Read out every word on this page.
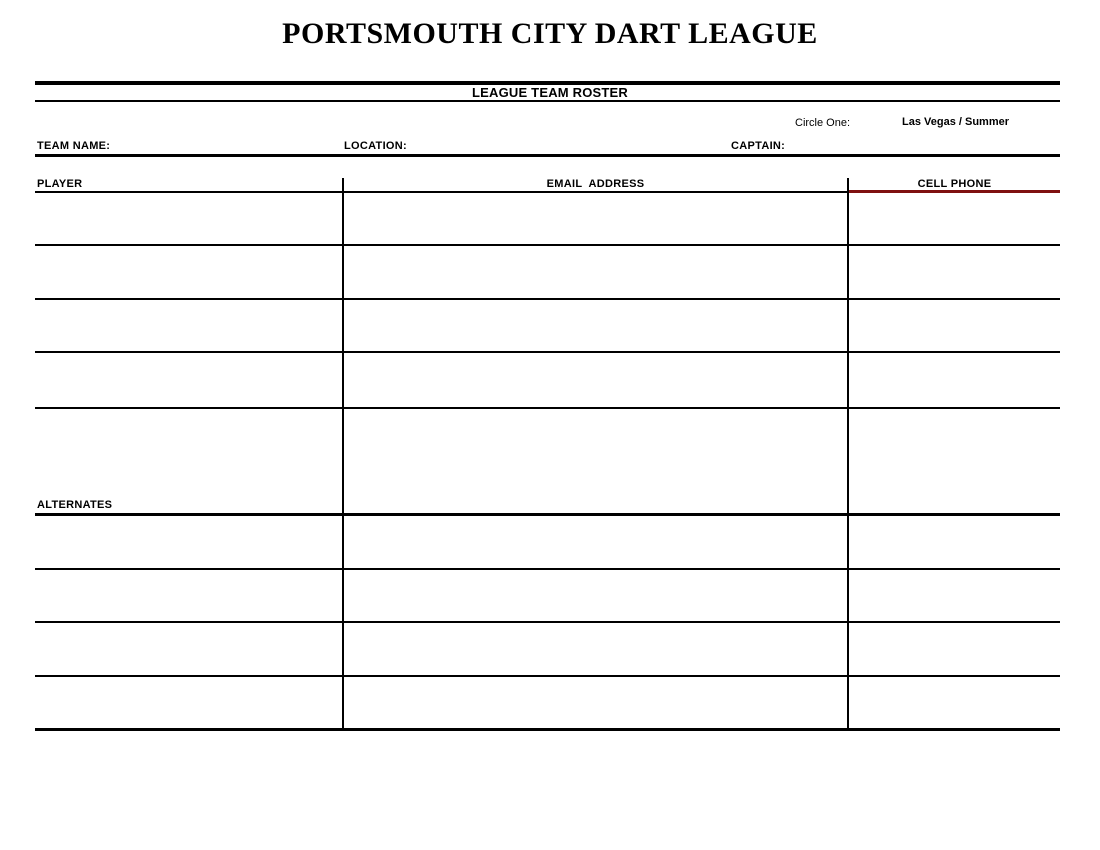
PORTSMOUTH CITY DART LEAGUE
LEAGUE TEAM ROSTER
Circle One:	Las Vegas / Summer
TEAM NAME:	LOCATION:	CAPTAIN:
PLAYER	EMAIL  ADDRESS	CELL PHONE
ALTERNATES
